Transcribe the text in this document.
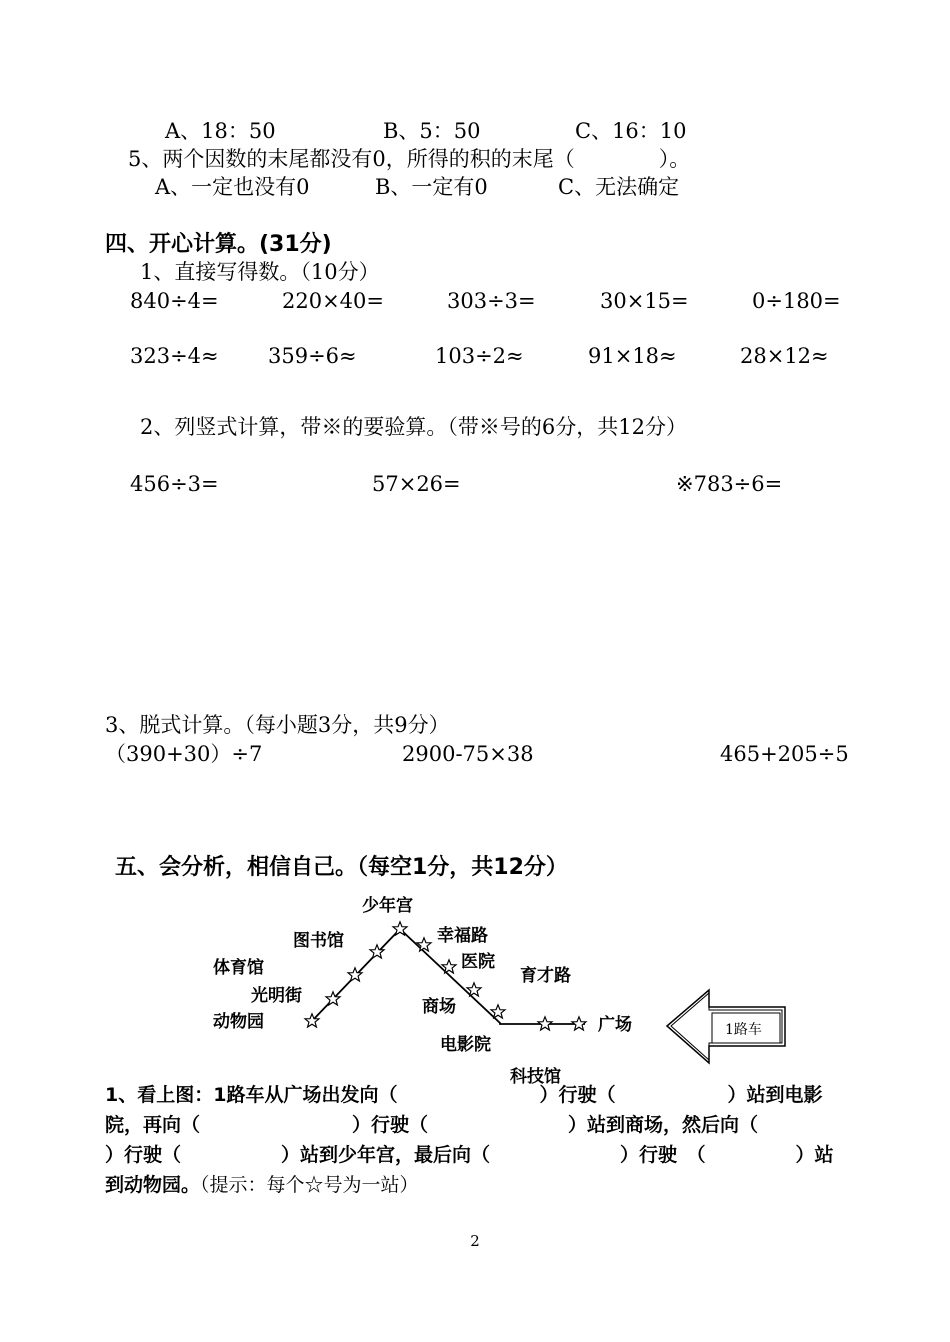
A、18：50	B、5：50	C、16：10
5、两个因数的末尾都没有0，所得的积的末尾（　　　　）。
A、一定也没有0	B、一定有0	C、无法确定
四、开心计算。(31分)
1、直接写得数。（10分）
840÷4=	220×40=	303÷3=	30×15=	0÷180=
323÷4≈ 359÷6≈	103÷2≈	91×18≈	28×12≈
2、列竖式计算，带※的要验算。（带※号的6分，共12分）
456÷3=	57×26=	※783÷6=
3、脱式计算。（每小题3分，共9分）
（390+30）÷7	2900-75×38	465+205÷5
五、会分析，相信自己。（每空1分，共12分）
少年宫
图书馆	幸福路
体育馆	医院
育才路
光明街
商场
动物园	广场
电影院
科技馆
1路车
1、看上图：1路车从广场出发向（	）行驶（	）站到电影
院，再向（	）行驶（	）站到商场，然后向（
）行驶（	）站到少年宫，最后向（	）行驶　（	）站
到动物园。（提示：每个☆号为一站）
2
